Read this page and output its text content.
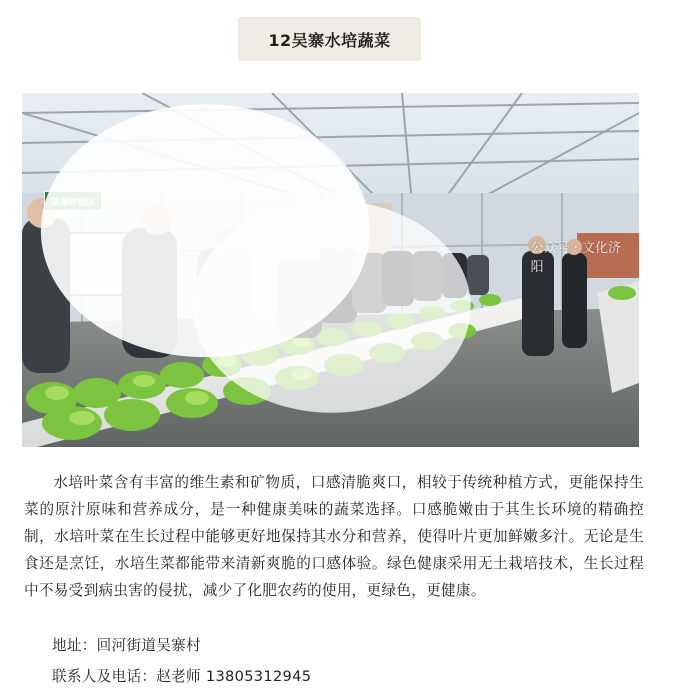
12吴寨水培蔬菜
公众号 · 文化济阳

水培叶菜含有丰富的维生素和矿物质，口感清脆爽口，相较于传统种植方式，更能保持生菜的原汁原味和营养成分，是一种健康美味的蔬菜选择。口感脆嫩由于其生长环境的精确控制，水培叶菜在生长过程中能够更好地保持其水分和营养，使得叶片更加鲜嫩多汁。无论是生食还是烹饪，水培生菜都能带来清新爽脆的口感体验。绿色健康采用无土栽培技术，生长过程中不易受到病虫害的侵扰，减少了化肥农药的使用，更绿色，更健康。

地址：回河街道吴寨村
联系人及电话：赵老师 13805312945
